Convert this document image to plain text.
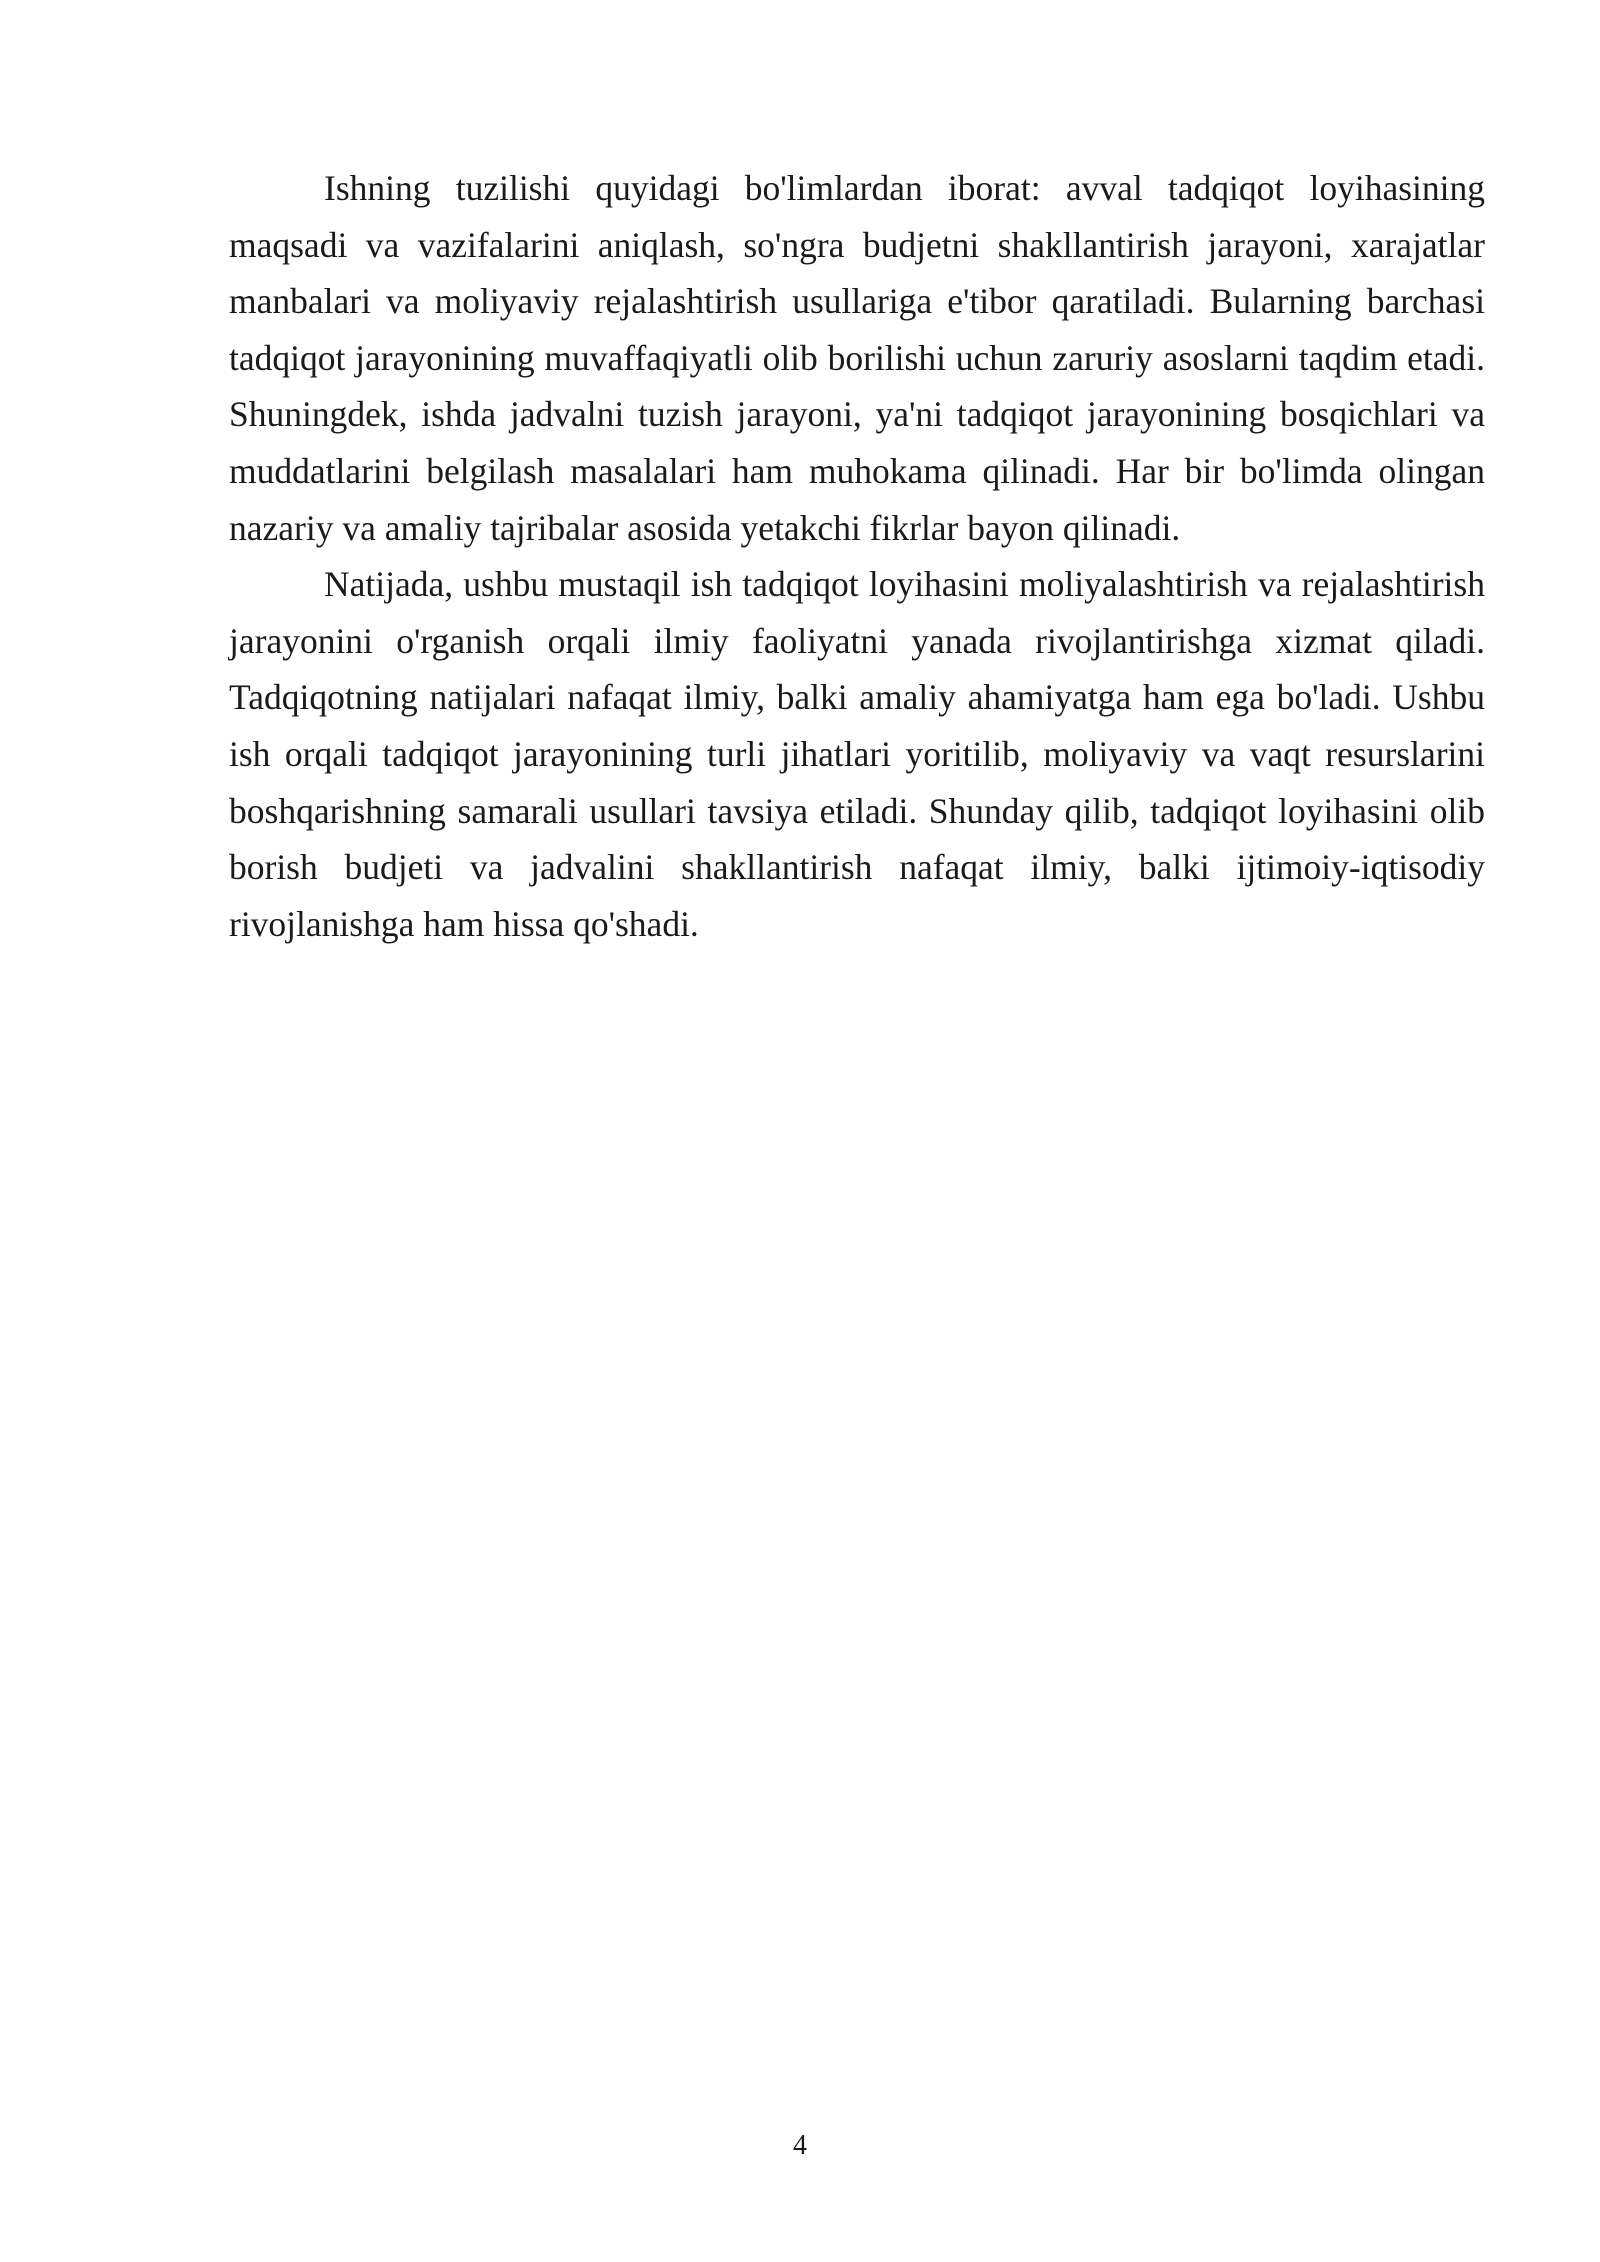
Ishning tuzilishi quyidagi bo'limlardan iborat: avval tadqiqot loyihasining maqsadi va vazifalarini aniqlash, so'ngra budjetni shakllantirish jarayoni, xarajatlar manbalari va moliyaviy rejalashtirish usullariga e'tibor qaratiladi. Bularning barchasi tadqiqot jarayonining muvaffaqiyatli olib borilishi uchun zaruriy asoslarni taqdim etadi. Shuningdek, ishda jadvalni tuzish jarayoni, ya'ni tadqiqot jarayonining bosqichlari va muddatlarini belgilash masalalari ham muhokama qilinadi. Har bir bo'limda olingan nazariy va amaliy tajribalar asosida yetakchi fikrlar bayon qilinadi.

Natijada, ushbu mustaqil ish tadqiqot loyihasini moliyalashtirish va rejalashtirish jarayonini o'rganish orqali ilmiy faoliyatni yanada rivojlantirishga xizmat qiladi. Tadqiqotning natijalari nafaqat ilmiy, balki amaliy ahamiyatga ham ega bo'ladi. Ushbu ish orqali tadqiqot jarayonining turli jihatlari yoritilib, moliyaviy va vaqt resurslarini boshqarishning samarali usullari tavsiya etiladi. Shunday qilib, tadqiqot loyihasini olib borish budjeti va jadvalini shakllantirish nafaqat ilmiy, balki ijtimoiy-iqtisodiy rivojlanishga ham hissa qo'shadi.

4
